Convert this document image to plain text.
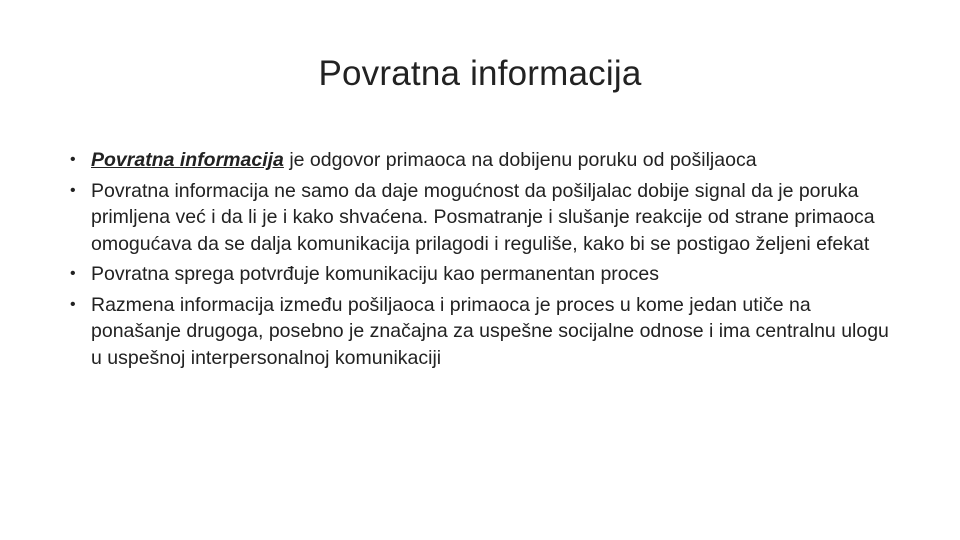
Povratna informacija
• Povratna informacija je odgovor primaoca na dobijenu poruku od pošiljaoca
• Povratna informacija ne samo da daje mogućnost da pošiljalac dobije signal da je poruka primljena već i da li je i kako shvaćena. Posmatranje i slušanje reakcije od strane primaoca omogućava da se dalja komunikacija prilagodi i reguliše, kako bi se postigao željeni efekat
• Povratna sprega potvrđuje komunikaciju kao permanentan proces
• Razmena informacija između pošiljaoca i primaoca je proces u kome jedan utiče na ponašanje drugoga, posebno je značajna za uspešne socijalne odnose i ima centralnu ulogu u uspešnoj interpersonalnoj komunikaciji
